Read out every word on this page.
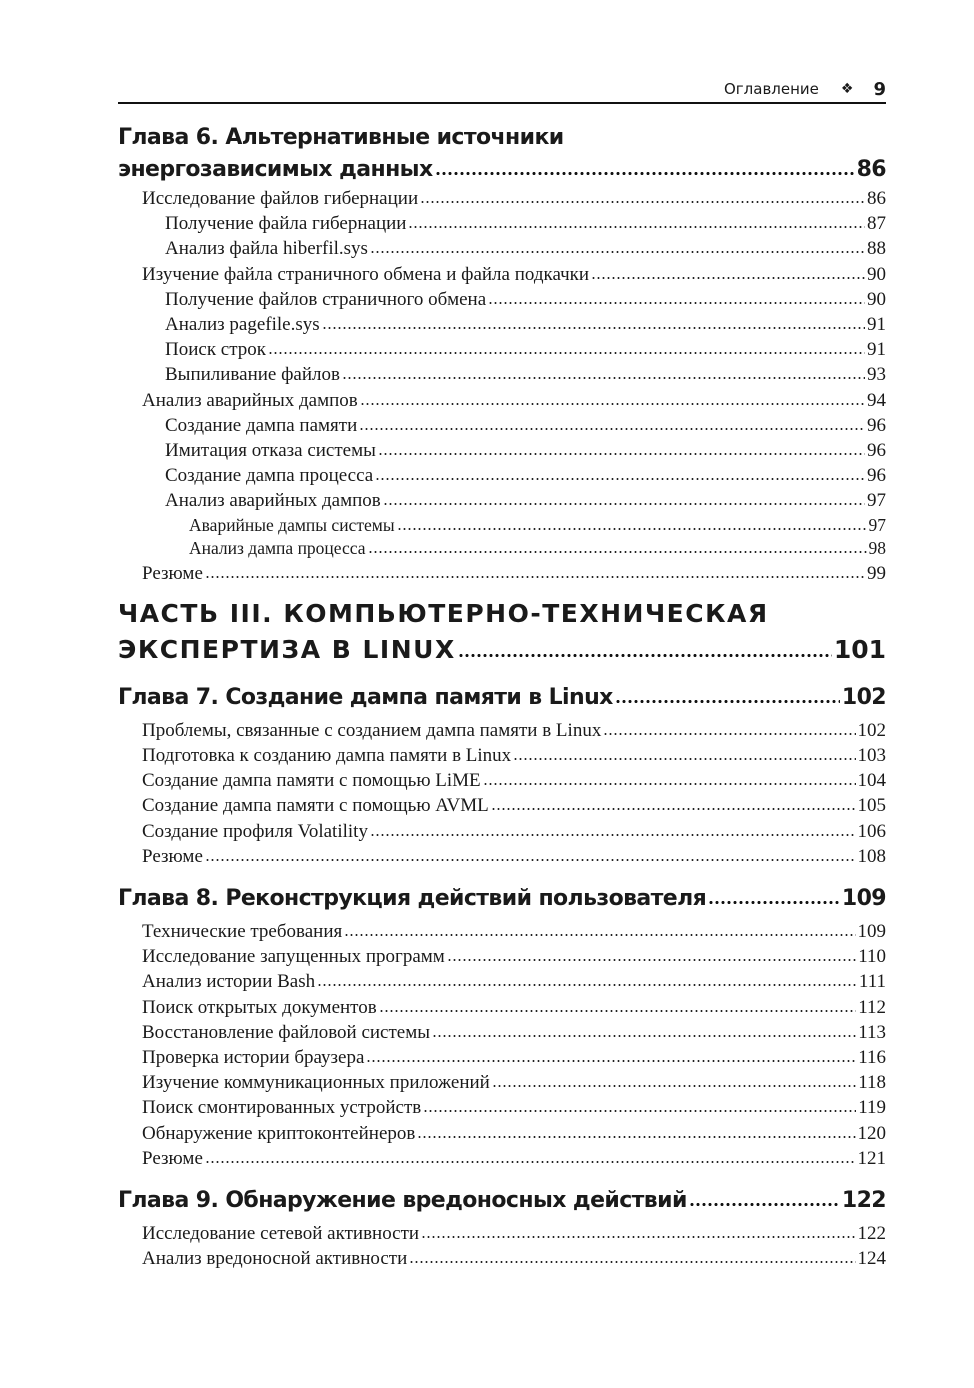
Оглавление ❖ 9
Глава 6. Альтернативные источники
энергозависимых данных	86
Исследование файлов гибернации	86
Получение файла гибернации	87
Анализ файла hiberfil.sys	88
Изучение файла страничного обмена и файла подкачки	90
Получение файлов страничного обмена	90
Анализ pagefile.sys	91
Поиск строк	91
Выпиливание файлов	93
Анализ аварийных дампов	94
Создание дампа памяти	96
Имитация отказа системы	96
Создание дампа процесса	96
Анализ аварийных дампов	97
Аварийные дампы системы	97
Анализ дампа процесса	98
Резюме	99
ЧАСТЬ III. КОМПЬЮТЕРНО-ТЕХНИЧЕСКАЯ
ЭКСПЕРТИЗА В LINUX	101
Глава 7. Создание дампа памяти в Linux	102
Проблемы, связанные с созданием дампа памяти в Linux	102
Подготовка к созданию дампа памяти в Linux	103
Создание дампа памяти с помощью LiME	104
Создание дампа памяти с помощью AVML	105
Создание профиля Volatility	106
Резюме	108
Глава 8. Реконструкция действий пользователя	109
Технические требования	109
Исследование запущенных программ	110
Анализ истории Bash	111
Поиск открытых документов	112
Восстановление файловой системы	113
Проверка истории браузера	116
Изучение коммуникационных приложений	118
Поиск смонтированных устройств	119
Обнаружение криптоконтейнеров	120
Резюме	121
Глава 9. Обнаружение вредоносных действий	122
Исследование сетевой активности	122
Анализ вредоносной активности	124
